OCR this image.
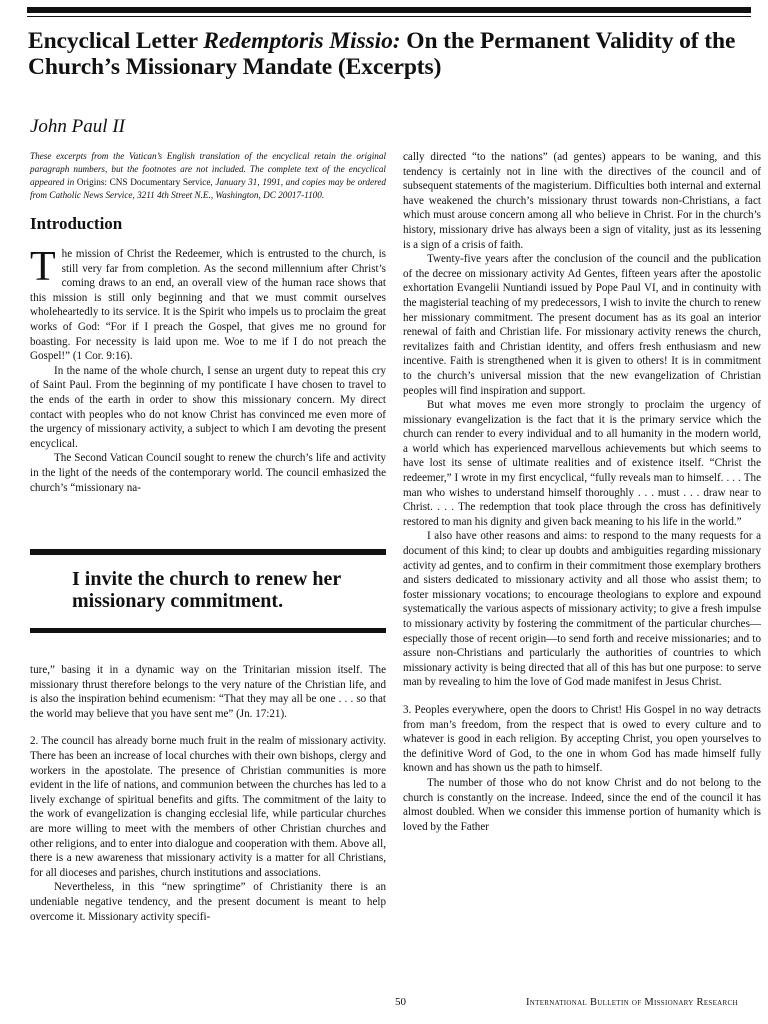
Encyclical Letter Redemptoris Missio: On the Permanent Validity of the Church’s Missionary Mandate (Excerpts)
John Paul II

These excerpts from the Vatican’s English translation of the encyclical retain the original paragraph numbers, but the footnotes are not included. The complete text of the encyclical appeared in Origins: CNS Documentary Service, January 31, 1991, and copies may be ordered from Catholic News Service, 3211 4th Street N.E., Washington, DC 20017-1100.

Introduction

The mission of Christ the Redeemer, which is entrusted to the church, is still very far from completion. As the second millennium after Christ’s coming draws to an end, an overall view of the human race shows that this mission is still only beginning and that we must commit ourselves wholeheartedly to its service. It is the Spirit who impels us to proclaim the great works of God: “For if I preach the Gospel, that gives me no ground for boasting. For necessity is laid upon me. Woe to me if I do not preach the Gospel!” (1 Cor. 9:16).

In the name of the whole church, I sense an urgent duty to repeat this cry of Saint Paul. From the beginning of my pontificate I have chosen to travel to the ends of the earth in order to show this missionary concern. My direct contact with peoples who do not know Christ has convinced me even more of the urgency of missionary activity, a subject to which I am devoting the present encyclical.

The Second Vatican Council sought to renew the church’s life and activity in the light of the needs of the contemporary world. The council emhasized the church’s “missionary na-

I invite the church to renew her missionary commitment.

ture,” basing it in a dynamic way on the Trinitarian mission itself. The missionary thrust therefore belongs to the very nature of the Christian life, and is also the inspiration behind ecumenism: “That they may all be one . . . so that the world may believe that you have sent me” (Jn. 17:21).

2. The council has already borne much fruit in the realm of missionary activity. There has been an increase of local churches with their own bishops, clergy and workers in the apostolate. The presence of Christian communities is more evident in the life of nations, and communion between the churches has led to a lively exchange of spiritual benefits and gifts. The commitment of the laity to the work of evangelization is changing ecclesial life, while particular churches are more willing to meet with the members of other Christian churches and other religions, and to enter into dialogue and cooperation with them. Above all, there is a new awareness that missionary activity is a matter for all Christians, for all dioceses and parishes, church institutions and associations.

Nevertheless, in this “new springtime” of Christianity there is an undeniable negative tendency, and the present document is meant to help overcome it. Missionary activity specifi-

cally directed “to the nations” (ad gentes) appears to be waning, and this tendency is certainly not in line with the directives of the council and of subsequent statements of the magisterium. Difficulties both internal and external have weakened the church’s missionary thrust towards non-Christians, a fact which must arouse concern among all who believe in Christ. For in the church’s history, missionary drive has always been a sign of vitality, just as its lessening is a sign of a crisis of faith.

Twenty-five years after the conclusion of the council and the publication of the decree on missionary activity Ad Gentes, fifteen years after the apostolic exhortation Evangelii Nuntiandi issued by Pope Paul VI, and in continuity with the magisterial teaching of my predecessors, I wish to invite the church to renew her missionary commitment. The present document has as its goal an interior renewal of faith and Christian life. For missionary activity renews the church, revitalizes faith and Christian identity, and offers fresh enthusiasm and new incentive. Faith is strengthened when it is given to others! It is in commitment to the church’s universal mission that the new evangelization of Christian peoples will find inspiration and support.

But what moves me even more strongly to proclaim the urgency of missionary evangelization is the fact that it is the primary service which the church can render to every individual and to all humanity in the modern world, a world which has experienced marvellous achievements but which seems to have lost its sense of ultimate realities and of existence itself. “Christ the redeemer,” I wrote in my first encyclical, “fully reveals man to himself. . . . The man who wishes to understand himself thoroughly . . . must . . . draw near to Christ. . . . The redemption that took place through the cross has definitively restored to man his dignity and given back meaning to his life in the world.”

I also have other reasons and aims: to respond to the many requests for a document of this kind; to clear up doubts and ambiguities regarding missionary activity ad gentes, and to confirm in their commitment those exemplary brothers and sisters dedicated to missionary activity and all those who assist them; to foster missionary vocations; to encourage theologians to explore and expound systematically the various aspects of missionary activity; to give a fresh impulse to missionary activity by fostering the commitment of the particular churches—especially those of recent origin—to send forth and receive missionaries; and to assure non-Christians and particularly the authorities of countries to which missionary activity is being directed that all of this has but one purpose: to serve man by revealing to him the love of God made manifest in Jesus Christ.

3. Peoples everywhere, open the doors to Christ! His Gospel in no way detracts from man’s freedom, from the respect that is owed to every culture and to whatever is good in each religion. By accepting Christ, you open yourselves to the definitive Word of God, to the one in whom God has made himself fully known and has shown us the path to himself.

The number of those who do not know Christ and do not belong to the church is constantly on the increase. Indeed, since the end of the council it has almost doubled. When we consider this immense portion of humanity which is loved by the Father

50	International Bulletin of Missionary Research
